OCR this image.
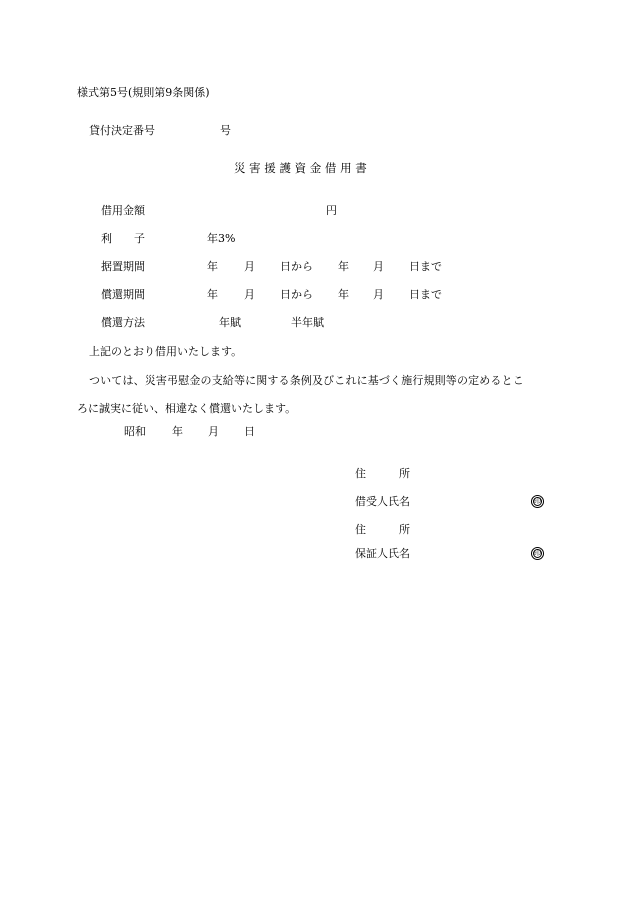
様式第5号(規則第9条関係)
貸付決定番号	号
災 害 援 護 資 金 借 用 書
借用金額	円
利　　子	年3%
据置期間	年 月 日から 年 月 日まで
償還期間	年 月 日から 年 月 日まで
償還方法	年賦	半年賦
上記のとおり借用いたします。
ついては、災害弔慰金の支給等に関する条例及びこれに基づく施行規則等の定めるとこ
ろに誠実に従い、相違なく償還いたします。
昭和 年 月 日
住　　　所
借受人氏名	印
住　　　所
保証人氏名	印
